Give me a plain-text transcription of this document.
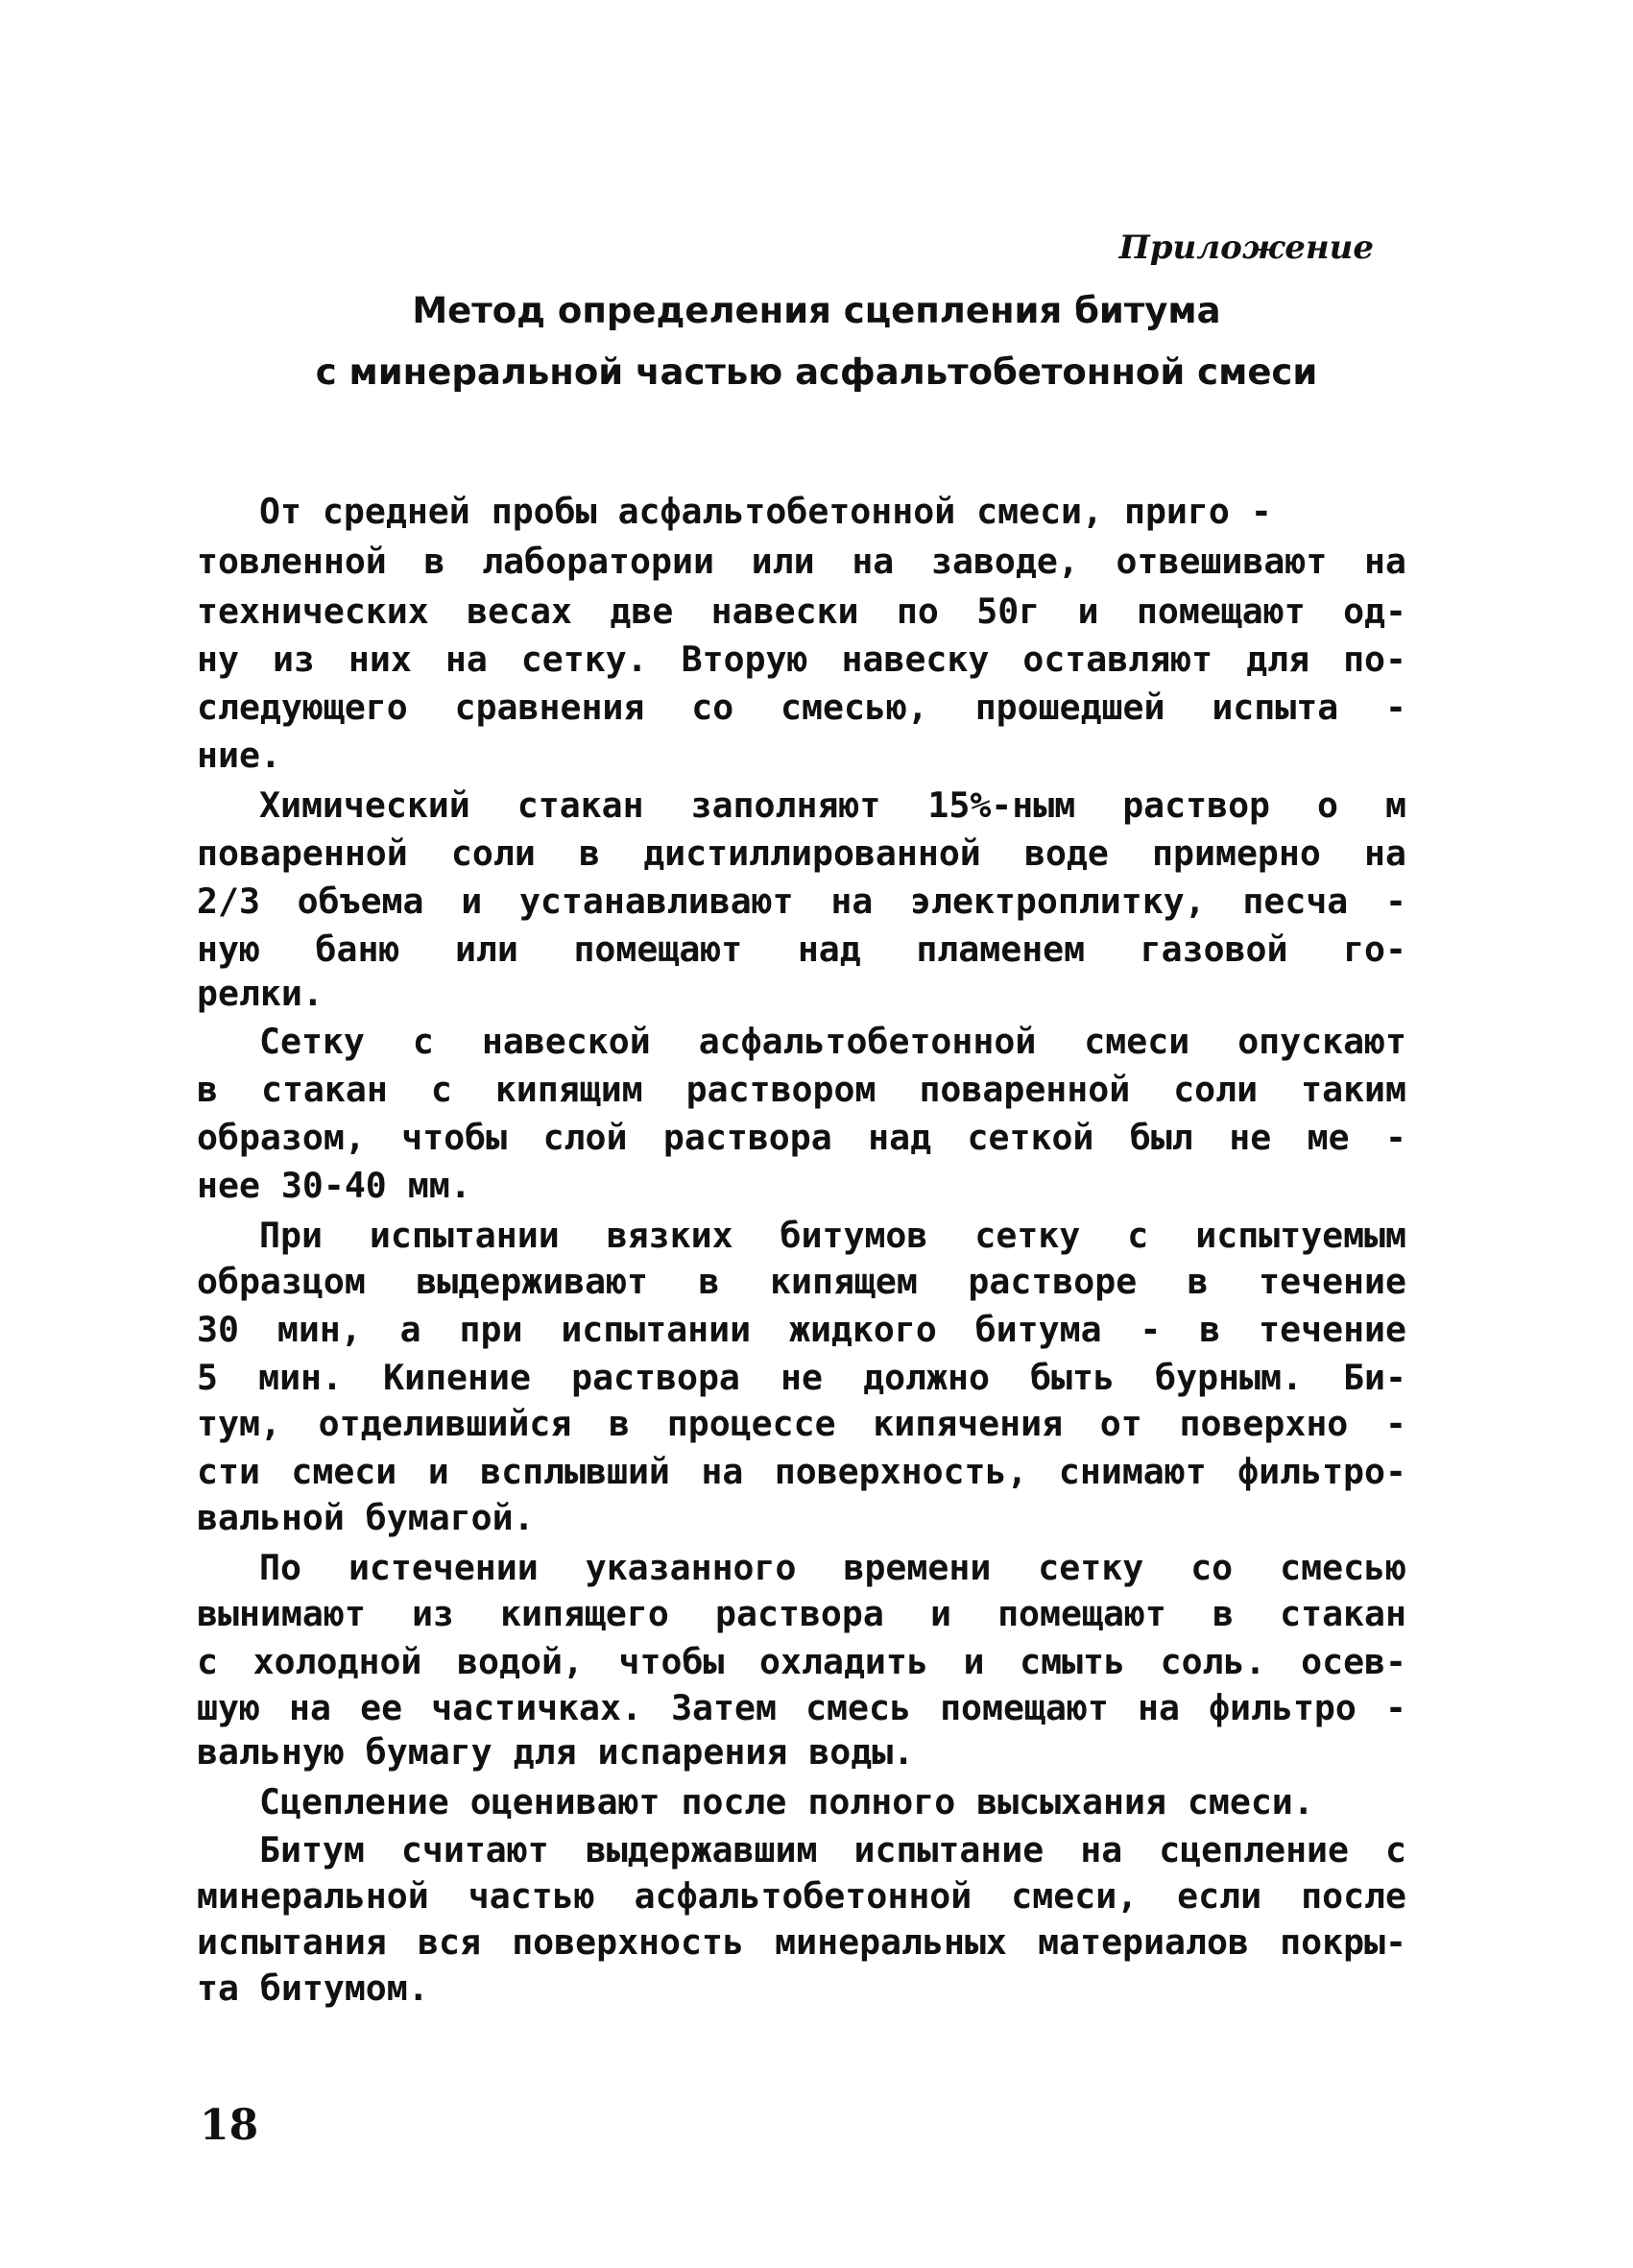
Приложение
Метод определения сцепления битума
с минеральной частью асфальтобетонной смеси
От средней пробы асфальтобетонной смеси, приго -
товленной в лаборатории или на заводе, отвешивают на
технических весах две навески по 50г и помещают од-
ну из них на сетку. Вторую навеску оставляют для по-
следующего сравнения со смесью, прошедшей испыта -
ние.
Химический стакан заполняют 15%-ным раствор о м
поваренной соли в дистиллированной воде примерно на
2/3 объема и устанавливают на электроплитку, песча -
ную баню или помещают над пламенем газовой го-
релки.
Сетку с навеской асфальтобетонной смеси опускают
в стакан с кипящим раствором поваренной соли таким
образом, чтобы слой раствора над сеткой был не ме -
нее 30-40 мм.
При испытании вязких битумов сетку с испытуемым
образцом выдерживают в кипящем растворе в течение
30 мин, а при испытании жидкого битума - в течение
5 мин. Кипение раствора не должно быть бурным. Би-
тум, отделившийся в процессе кипячения от поверхно -
сти смеси и всплывший на поверхность, снимают фильтро-
вальной бумагой.
По истечении указанного времени сетку со смесью
вынимают из кипящего раствора и помещают в стакан
с холодной водой, чтобы охладить и смыть соль. осев-
шую на ее частичках. Затем смесь помещают на фильтро -
вальную бумагу для испарения воды.
Сцепление оценивают после полного высыхания смеси.
Битум считают выдержавшим испытание на сцепление с
минеральной частью асфальтобетонной смеси, если после
испытания вся поверхность минеральных материалов покры-
та битумом.
18
